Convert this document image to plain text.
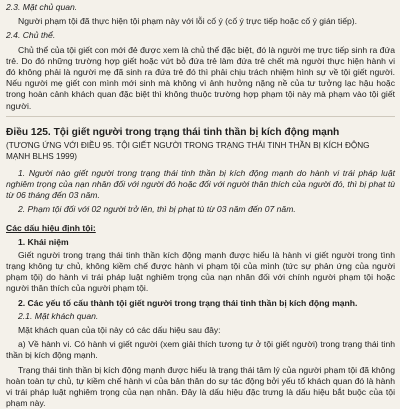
2.3. Mặt chủ quan.

Người phạm tội đã thực hiện tội phạm này với lỗi cố ý (cố ý trực tiếp hoặc cố ý gián tiếp).

2.4. Chủ thể.

Chủ thể của tội giết con mới đẻ được xem là chủ thể đặc biệt, đó là người mẹ trực tiếp sinh ra đứa trẻ. Do đó những trường hợp giết hoặc vứt bỏ đứa trẻ làm đứa trẻ chết mà người thực hiện hành vi đó không phải là người mẹ đã sinh ra đứa trẻ đó thì phải chịu trách nhiệm hình sự về tội giết người. Nếu người mẹ giết con mình mới sinh mà không vì ảnh hưởng nặng nề của tư tưởng lạc hậu hoặc trong hoàn cảnh khách quan đặc biệt thì không thuộc trường hợp phạm tội này mà phạm vào tội giết người.

Điều 125. Tội giết người trong trạng thái tinh thần bị kích động mạnh

(TƯƠNG ỨNG VỚI ĐIỀU 95. TỘI GIẾT NGƯỜI TRONG TRẠNG THÁI TINH THẦN BỊ KÍCH ĐỘNG MẠNH BLHS 1999)

1. Người nào giết người trong trạng thái tinh thần bị kích động mạnh do hành vi trái pháp luật nghiêm trọng của nạn nhân đối với người đó hoặc đối với người thân thích của người đó, thì bị phạt tù từ 06 tháng đến 03 năm.

2. Phạm tội đối với 02 người trở lên, thì bị phạt tù từ 03 năm đến 07 năm.

Các dấu hiệu định tội:

1. Khái niệm

Giết người trong trạng thái tinh thần kích động mạnh được hiểu là hành vi giết người trong tình trạng không tự chủ, không kiềm chế được hành vi phạm tội của mình (tức sự phản ứng của người phạm tội) do hành vi trái pháp luật nghiêm trọng của nạn nhân đối với chính người phạm tội hoặc người thân thích của người phạm tội.

2. Các yếu tố cấu thành tội giết người trong trạng thái tinh thần bị kích động mạnh.

2.1. Mặt khách quan.

Mặt khách quan của tội này có các dấu hiệu sau đây:

a) Về hành vi. Có hành vi giết người (xem giải thích tương tự ở tội giết người) trong trạng thái tinh thần bị kích động mạnh.

Trạng thái tinh thần bị kích động mạnh được hiểu là trạng thái tâm lý của người phạm tội đã không hoàn toàn tự chủ, tự kiềm chế hành vi của bản thân do sự tác động bởi yếu tố khách quan đó là hành vi trái pháp luật nghiêm trọng của nạn nhân. Đây là dấu hiệu đặc trưng là dấu hiệu bắt buộc của tội phạm này.
